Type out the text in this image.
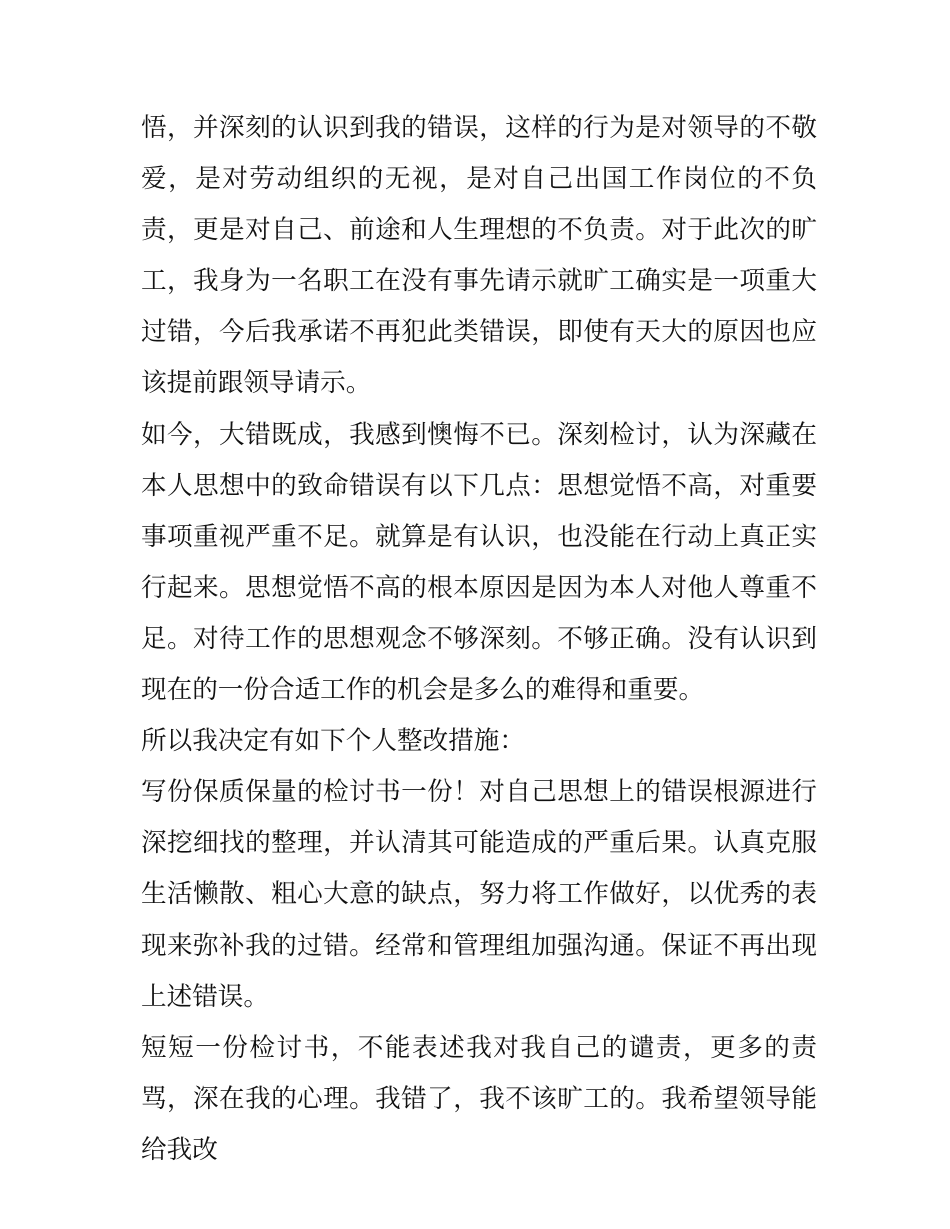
悟，并深刻的认识到我的错误，这样的行为是对领导的不敬爱，是对劳动组织的无视，是对自己出国工作岗位的不负责，更是对自己、前途和人生理想的不负责。对于此次的旷工，我身为一名职工在没有事先请示就旷工确实是一项重大过错，今后我承诺不再犯此类错误，即使有天大的原因也应该提前跟领导请示。

如今，大错既成，我感到懊悔不已。深刻检讨，认为深藏在本人思想中的致命错误有以下几点：思想觉悟不高，对重要事项重视严重不足。就算是有认识，也没能在行动上真正实行起来。思想觉悟不高的根本原因是因为本人对他人尊重不足。对待工作的思想观念不够深刻。不够正确。没有认识到现在的一份合适工作的机会是多么的难得和重要。

所以我决定有如下个人整改措施：

写份保质保量的检讨书一份！对自己思想上的错误根源进行深挖细找的整理，并认清其可能造成的严重后果。认真克服生活懒散、粗心大意的缺点，努力将工作做好，以优秀的表现来弥补我的过错。经常和管理组加强沟通。保证不再出现上述错误。

短短一份检讨书，不能表述我对我自己的谴责，更多的责骂，深在我的心理。我错了，我不该旷工的。我希望领导能给我改
